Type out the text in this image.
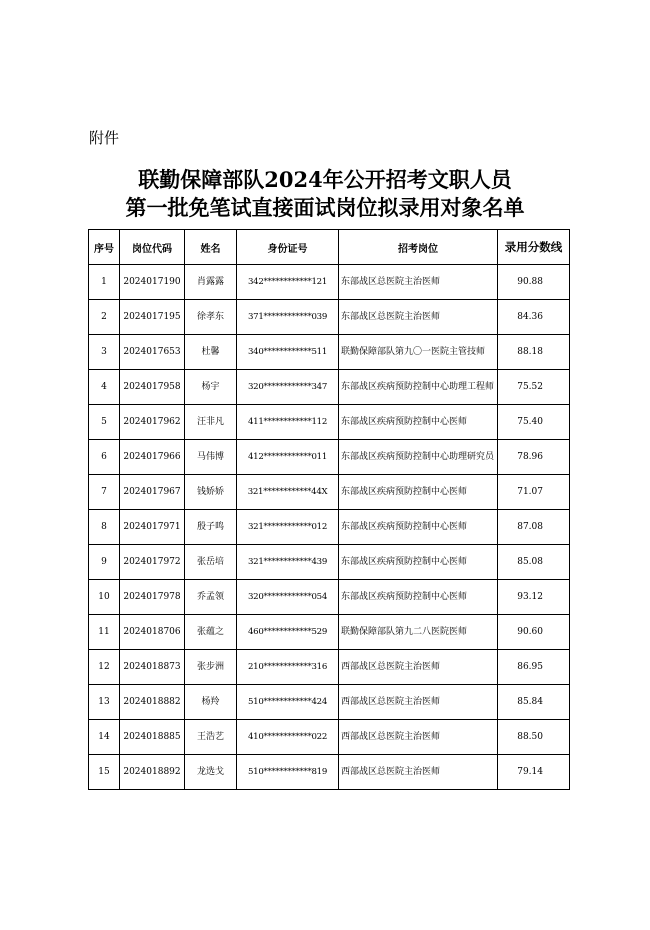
附件
联勤保障部队2024年公开招考文职人员
第一批免笔试直接面试岗位拟录用对象名单
序号	岗位代码	姓名	身份证号	招考岗位	录用分数线
1	2024017190	肖露露	342************121	东部战区总医院主治医师	90.88
2	2024017195	徐孝东	371************039	东部战区总医院主治医师	84.36
3	2024017653	杜馨	340************511	联勤保障部队第九〇一医院主管技师	88.18
4	2024017958	杨宇	320************347	东部战区疾病预防控制中心助理工程师	75.52
5	2024017962	汪非凡	411************112	东部战区疾病预防控制中心医师	75.40
6	2024017966	马伟博	412************011	东部战区疾病预防控制中心助理研究员	78.96
7	2024017967	钱娇娇	321************44X	东部战区疾病预防控制中心医师	71.07
8	2024017971	殷子鸣	321************012	东部战区疾病预防控制中心医师	87.08
9	2024017972	张岳培	321************439	东部战区疾病预防控制中心医师	85.08
10	2024017978	乔孟领	320************054	东部战区疾病预防控制中心医师	93.12
11	2024018706	张蕴之	460************529	联勤保障部队第九二八医院医师	90.60
12	2024018873	张步洲	210************316	西部战区总医院主治医师	86.95
13	2024018882	杨羚	510************424	西部战区总医院主治医师	85.84
14	2024018885	王浩艺	410************022	西部战区总医院主治医师	88.50
15	2024018892	龙选戈	510************819	西部战区总医院主治医师	79.14
